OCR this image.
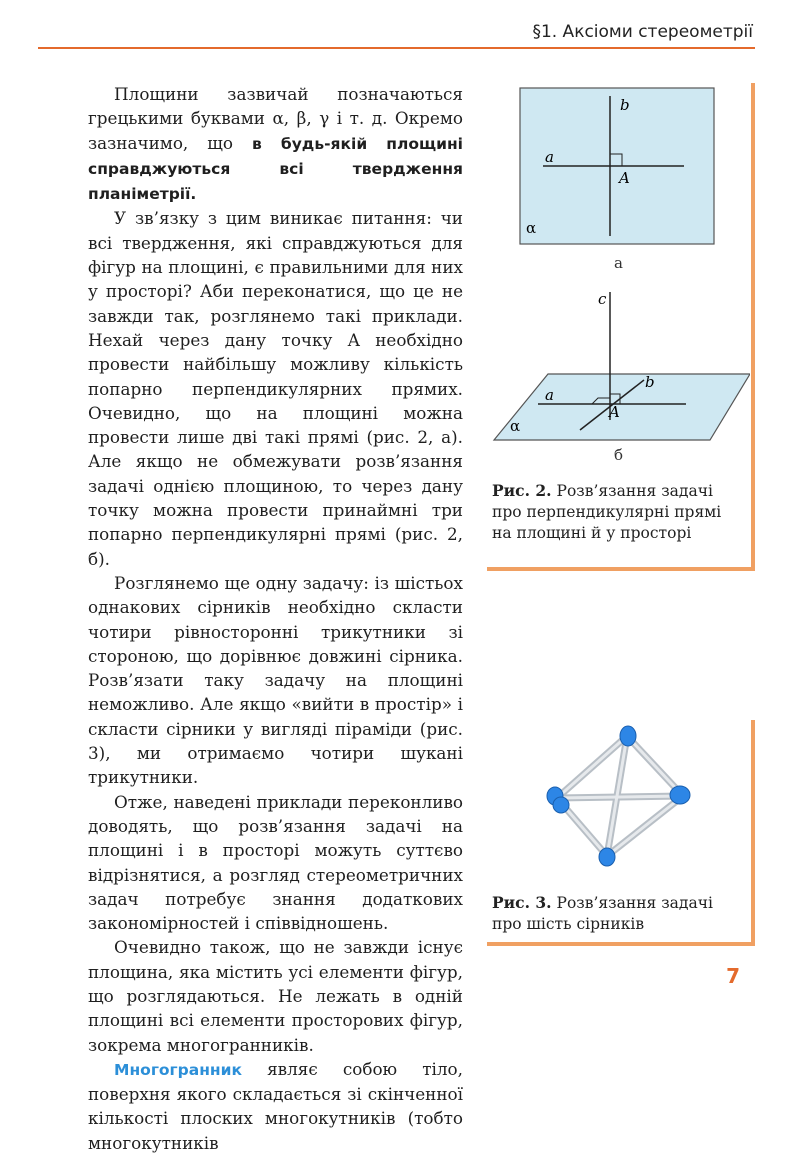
§1. Аксіоми стереометрії

Площини зазвичай позначаються грецькими буквами α, β, γ і т. д. Окремо зазначимо, що в будь-якій площині справджуються всі твердження планіметрії.

У зв’язку з цим виникає питання: чи всі твердження, які справджуються для фігур на площині, є правильними для них у просторі? Аби переконатися, що це не завжди так, розглянемо такі приклади. Нехай через дану точку A необхідно провести найбільшу можливу кількість попарно перпендикулярних прямих. Очевидно, що на площині можна провести лише дві такі прямі (рис. 2, а). Але якщо не обмежувати розв’язання задачі однією площиною, то через дану точку можна провести принаймні три попарно перпендикулярні прямі (рис. 2, б).

Розглянемо ще одну задачу: із шістьох однакових сірників необхідно скласти чотири рівносторонні трикутники зі стороною, що дорівнює довжині сірника. Розв’язати таку задачу на площині неможливо. Але якщо «вийти в простір» і скласти сірники у вигляді піраміди (рис. 3), ми отримаємо чотири шукані трикутники.

Отже, наведені приклади переконливо доводять, що розв’язання задачі на площині і в просторі можуть суттєво відрізнятися, а розгляд стереометричних задач потребує знання додаткових закономірностей і співвідношень.

Очевидно також, що не завжди існує площина, яка містить усі елементи фігур, що розглядаються. Не лежать в одній площині всі елементи просторових фігур, зокрема многогранників.

Многогранник являє собою тіло, поверхня якого складається зі скінченної кількості плоских многокутників (тобто многокутників

b
a
A
α
c
b
a
A
α
а
б
Рис. 2. Розв’язання задачі про перпендикулярні прямі на площині й у просторі
Рис. 3. Розв’язання задачі про шість сірників
7
